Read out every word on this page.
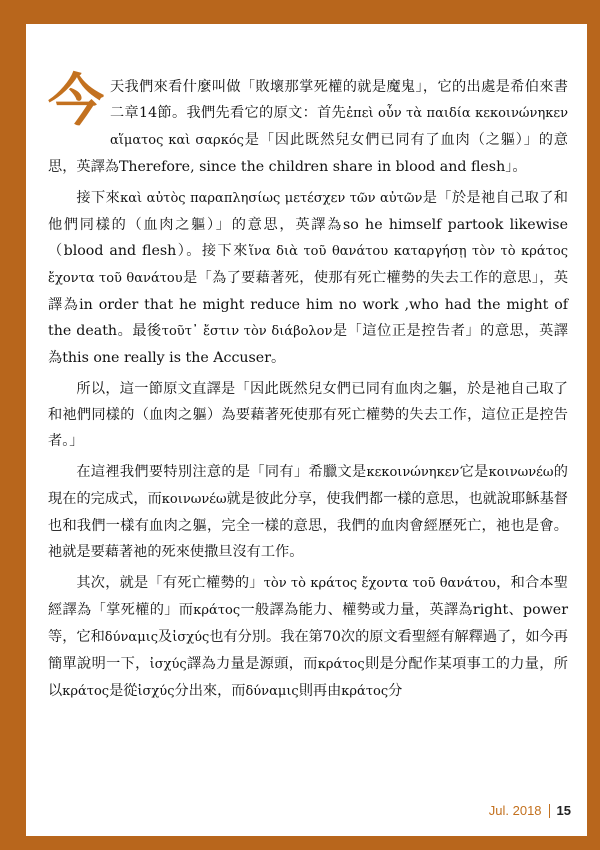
今天我們來看什麼叫做「敗壞那掌死權的就是魔鬼」，它的出處是希伯來書二章14節。我們先看它的原文：首先ἐπεὶ οὖν τὰ παιδία κεκοινώνηκεν αἵματος καὶ σαρκός是「因此既然兒女們已同有了血肉（之軀）」的意思，英譯為Therefore, since the children share in blood and flesh」。

接下來καὶ αὐτὸς παραπλησίως μετέσχεν τῶν αὐτῶν是「於是祂自己取了和他們同樣的（血肉之軀）」的意思，英譯為so he himself partook likewise（blood and flesh）。接下來ἵνα διὰ τοῦ θανάτου καταργήσῃ τὸν τὸ κράτος ἔχοντα τοῦ θανάτου是「為了要藉著死，使那有死亡權勢的失去工作的意思」，英譯為in order that he might reduce him no work ,who had the might of the death。最後τοῦτ᾽ ἔστιν τὸν διάβολον是「這位正是控告者」的意思，英譯為this one really is the Accuser。

所以，這一節原文直譯是「因此既然兒女們已同有血肉之軀，於是祂自己取了和祂們同樣的（血肉之軀）為要藉著死使那有死亡權勢的失去工作，這位正是控告者。」

在這裡我們要特別注意的是「同有」希臘文是κεκοινώνηκεν它是κοινωνέω的現在的完成式，而κοινωνέω就是彼此分享，使我們都一樣的意思，也就說耶穌基督也和我們一樣有血肉之軀，完全一樣的意思，我們的血肉會經歷死亡，祂也是會。祂就是要藉著祂的死來使撒旦沒有工作。

其次，就是「有死亡權勢的」τὸν τὸ κράτος ἔχοντα τοῦ θανάτου，和合本聖經譯為「掌死權的」而κράτος一般譯為能力、權勢或力量，英譯為right、power等，它和δύναμις及ἰσχύς也有分別。我在第70次的原文看聖經有解釋過了，如今再簡單說明一下，ἰσχύς譯為力量是源頭，而κράτος則是分配作某項事工的力量，所以κράτος是從ἰσχύς分出來，而δύναμις則再由κράτος分

Jul. 2018 15
